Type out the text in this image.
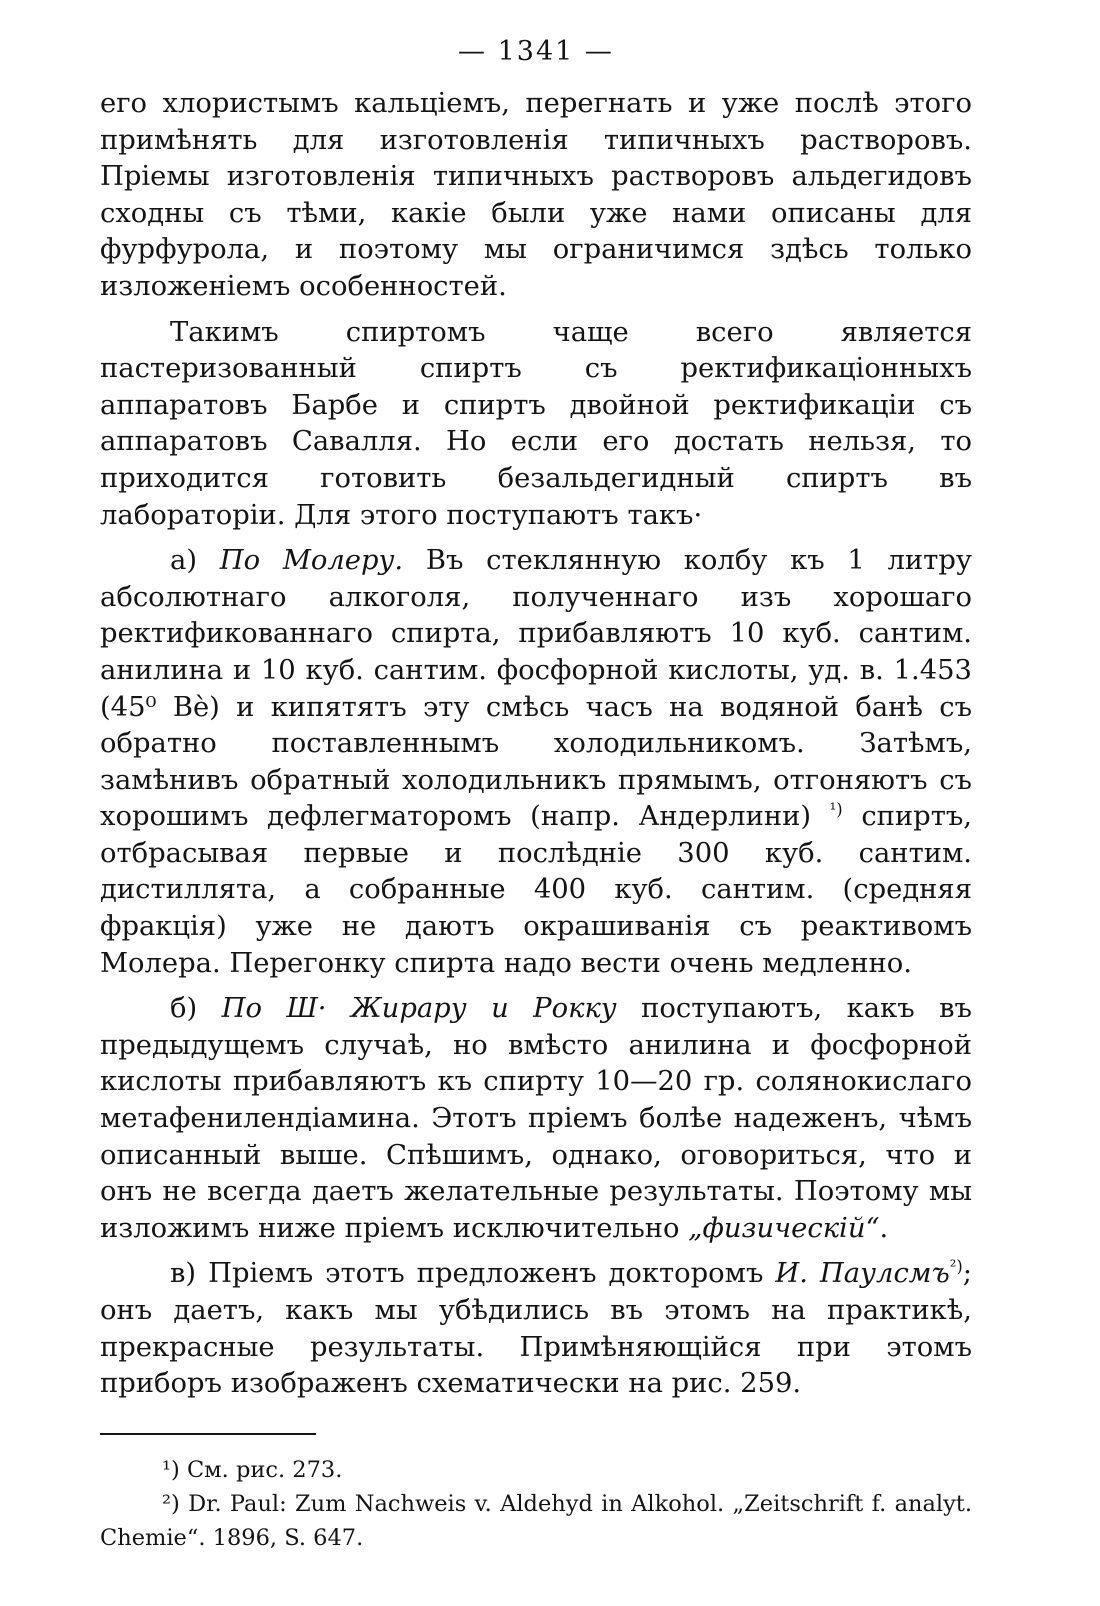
— 1341 —

его хлористымъ кальціемъ, перегнать и уже послѣ этого примѣнять для изготовленія типичныхъ растворовъ. Пріемы изготовленія типичныхъ растворовъ альдегидовъ сходны съ тѣми, какіе были уже нами описаны для фурфурола, и поэтому мы ограничимся здѣсь только изложеніемъ особенностей.

Такимъ спиртомъ чаще всего является пастеризованный спиртъ съ ректификаціонныхъ аппаратовъ Барбе и спиртъ двойной ректификаціи съ аппаратовъ Савалля. Но если его достать нельзя, то приходится готовить безальдегидный спиртъ въ лабораторіи. Для этого поступаютъ такъ·

а) По Молеру. Въ стеклянную колбу къ 1 литру абсолютнаго алкоголя, полученнаго изъ хорошаго ректификованнаго спирта, прибавляютъ 10 куб. сантим. анилина и 10 куб. сантим. фосфорной кислоты, уд. в. 1.453 (45⁰ Bè) и кипятятъ эту смѣсь часъ на водяной банѣ съ обратно поставленнымъ холодильникомъ. Затѣмъ, замѣнивъ обратный холодильникъ прямымъ, отгоняютъ съ хорошимъ дефлегматоромъ (напр. Андерлини) $^{^1)}$ спиртъ, отбрасывая первые и послѣдніе 300 куб. сантим. дистиллята, а собранные 400 куб. сантим. (средняя фракція) уже не даютъ окрашиванія съ реактивомъ Молера. Перегонку спирта надо вести очень медленно.

б) По Ш· Жирару и Рокку поступаютъ, какъ въ предыдущемъ случаѣ, но вмѣсто анилина и фосфорной кислоты прибавляютъ къ спирту 10—20 гр. солянокислаго метафенилендіамина. Этотъ пріемъ болѣе надеженъ, чѣмъ описанный выше. Спѣшимъ, однако, оговориться, что и онъ не всегда даетъ желательные результаты. Поэтому мы изложимъ ниже пріемъ исключительно „физическій“.

в) Пріемъ этотъ предложенъ докторомъ И. Паулсмъ$^{^2)}$; онъ даетъ, какъ мы убѣдились въ этомъ на практикѣ, прекрасные результаты. Примѣняющійся при этомъ приборъ изображенъ схематически на рис. 259.

¹) См. рис. 273.

²) Dr. Paul: Zum Nachweis v. Aldehyd in Alkohol. „Zeitschrift f. analyt. Chemie“. 1896, S. 647.
